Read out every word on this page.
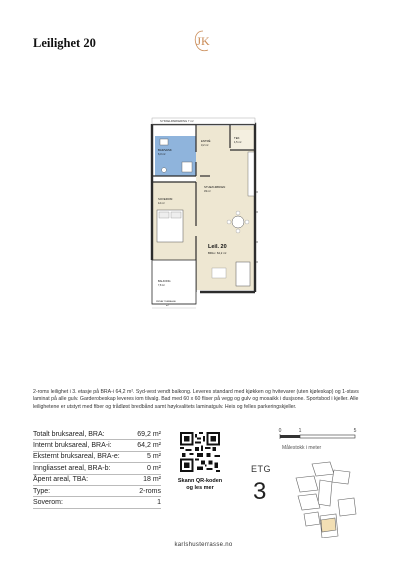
Leilighet 20	JK
SYKKELPARKERING 7 m²
BAD/VASK
6,3 m²
ENTRÉ
3,2 m²
TEK
1,5 m²
SOVEROM
12 m²
STUE/KJØKKEN
33 m²
Leil. 20
BRA-i: 64,2 m²
BALKONG
7,8 m²
PRIVAT TERRASSE
m²
2-roms leilighet i 3. etasje på BRA-i 64,2 m². Syd-vest vendt balkong. Leveres standard med kjøkken og hvitevarer (uten kjøleskap) og 1-stavs laminat på alle gulv. Garderobeskap leveres iom tilvalg. Bad med 60 x 60 fliser på vegg og gulv og mosaikk i dusjsone. Sportsbod i kjeller. Alle leilighetene er utstyrt med fiber og trådløst bredbånd samt høykvalitets laminatgulv. Heis og felles parkeringskjeller.
Totalt bruksareal, BRA:	69,2 m²
Internt bruksareal, BRA-i:	64,2 m²
Eksternt bruksareal, BRA-e:	5 m²
Inngliasset areal, BRA-b:	0 m²
Åpent areal, TBA:	18 m²
Type:	2-roms
Soverom:	1
Skann QR-koden
og les mer
0	1	5
Målestokk i meter
ETG
3
karlshusterrasse.no
